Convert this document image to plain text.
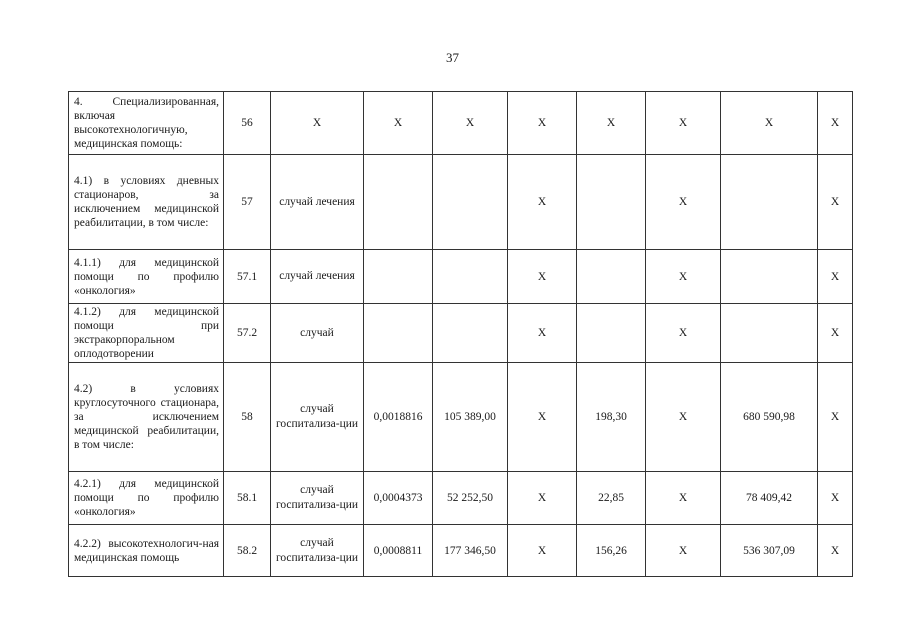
37
4. Специализированная, включая высокотехнологичную, медицинская помощь:	56	X	X	X	X	X	X	X	X
4.1) в условиях дневных стационаров, за исключением медицинской реабилитации, в том числе:	57	случай лечения			X		X		X
4.1.1) для медицинской помощи по профилю «онкология»	57.1	случай лечения			X		X		X
4.1.2) для медицинской помощи при экстракорпоральном оплодотворении	57.2	случай			X		X		X
4.2) в условиях круглосуточного стационара, за исключением медицинской реабилитации, в том числе:	58	случай госпитализа-ции	0,0018816	105 389,00	X	198,30	X	680 590,98	X
4.2.1) для медицинской помощи по профилю «онкология»	58.1	случай госпитализа-ции	0,0004373	52 252,50	X	22,85	X	78 409,42	X
4.2.2) высокотехнологич-ная медицинская помощь	58.2	случай госпитализа-ции	0,0008811	177 346,50	X	156,26	X	536 307,09	X
